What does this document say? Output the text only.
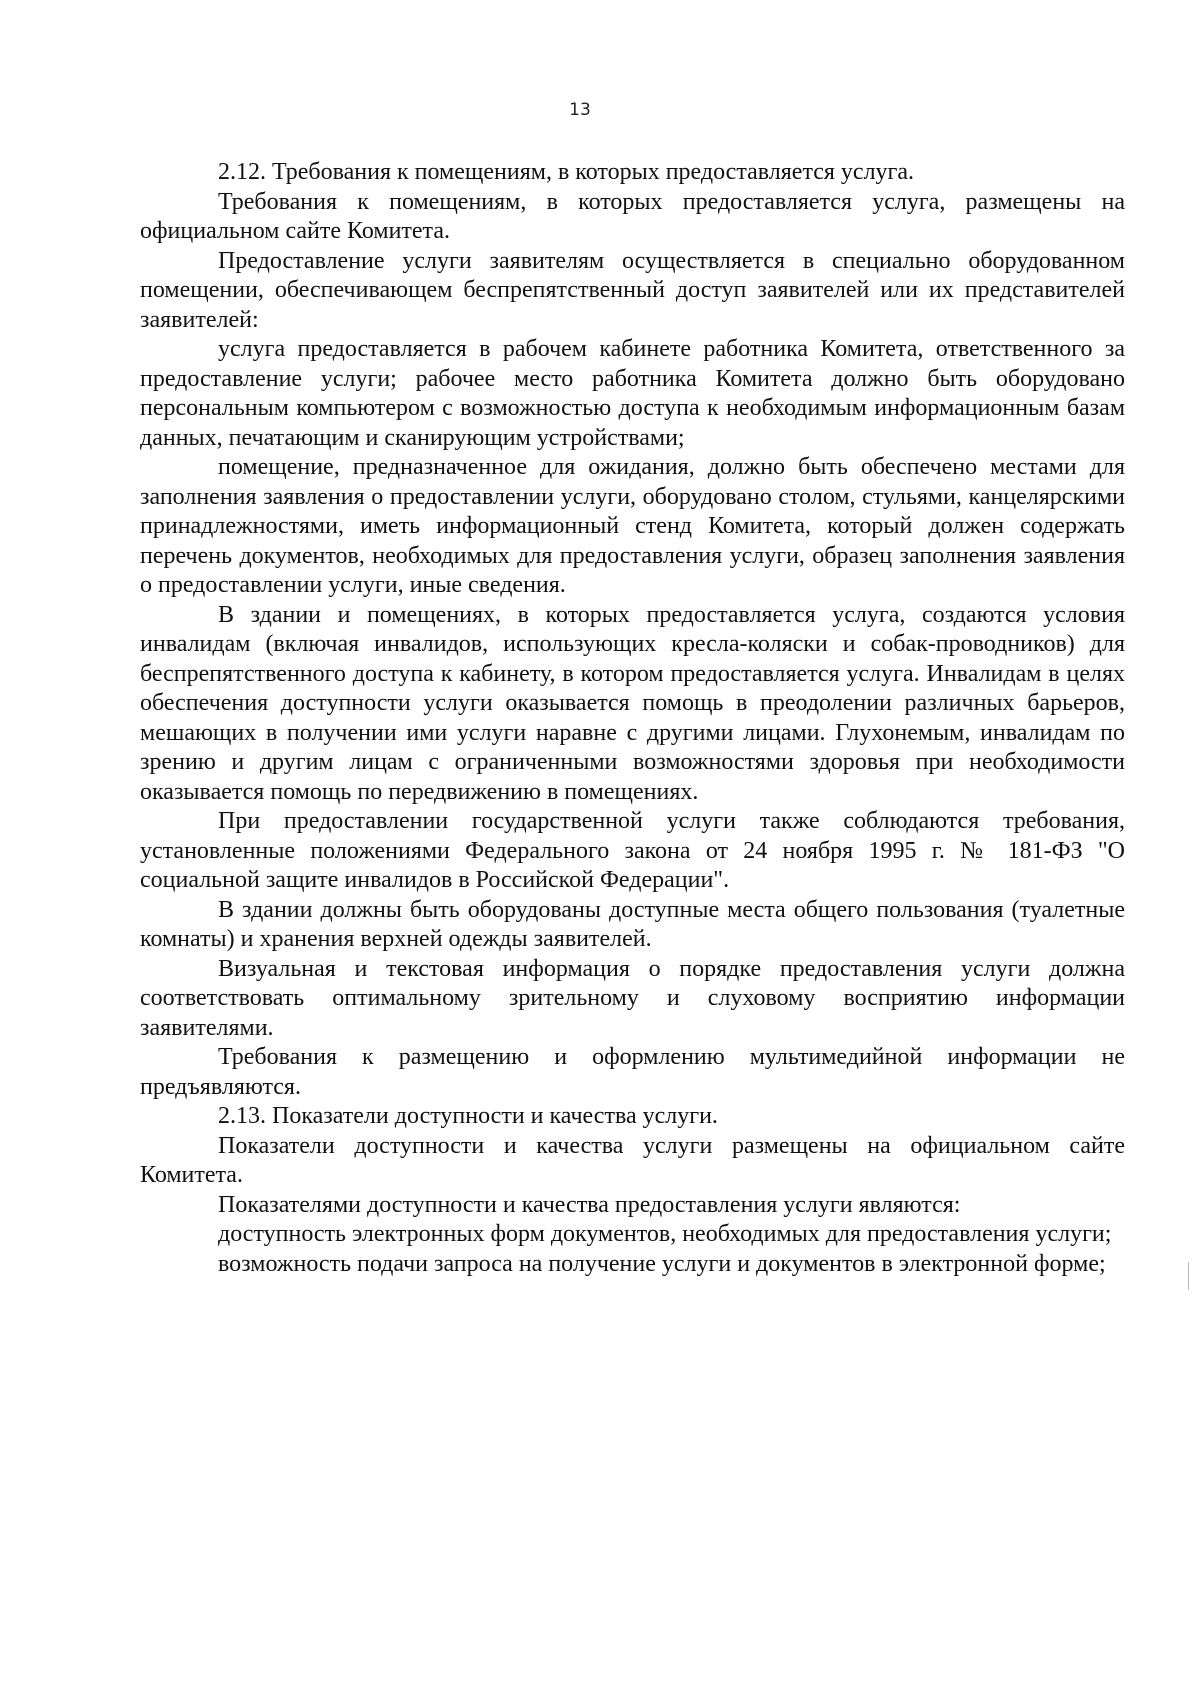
13

2.12. Требования к помещениям, в которых предоставляется услуга.

Требования к помещениям, в которых предоставляется услуга, размещены на официальном сайте Комитета.

Предоставление услуги заявителям осуществляется в специально оборудованном помещении, обеспечивающем беспрепятственный доступ заявителей или их представителей заявителей:

услуга предоставляется в рабочем кабинете работника Комитета, ответственного за предоставление услуги; рабочее место работника Комитета должно быть оборудовано персональным компьютером с возможностью доступа к необходимым информационным базам данных, печатающим и сканирующим устройствами;

помещение, предназначенное для ожидания, должно быть обеспечено местами для заполнения заявления о предоставлении услуги, оборудовано столом, стульями, канцелярскими принадлежностями, иметь информационный стенд Комитета, который должен содержать перечень документов, необходимых для предоставления услуги, образец заполнения заявления о предоставлении услуги, иные сведения.

В здании и помещениях, в которых предоставляется услуга, создаются условия инвалидам (включая инвалидов, использующих кресла-коляски и собак-проводников) для беспрепятственного доступа к кабинету, в котором предоставляется услуга. Инвалидам в целях обеспечения доступности услуги оказывается помощь в преодолении различных барьеров, мешающих в получении ими услуги наравне с другими лицами. Глухонемым, инвалидам по зрению и другим лицам с ограниченными возможностями здоровья при необходимости оказывается помощь по передвижению в помещениях.

При предоставлении государственной услуги также соблюдаются требования, установленные положениями Федерального закона от 24 ноября 1995 г. № 181-ФЗ "О социальной защите инвалидов в Российской Федерации".

В здании должны быть оборудованы доступные места общего пользования (туалетные комнаты) и хранения верхней одежды заявителей.

Визуальная и текстовая информация о порядке предоставления услуги должна соответствовать оптимальному зрительному и слуховому восприятию информации заявителями.

Требования к размещению и оформлению мультимедийной информации не предъявляются.

2.13. Показатели доступности и качества услуги.

Показатели доступности и качества услуги размещены на официальном сайте Комитета.

Показателями доступности и качества предоставления услуги являются:

доступность электронных форм документов, необходимых для предоставления услуги;

возможность подачи запроса на получение услуги и документов в электронной форме;
